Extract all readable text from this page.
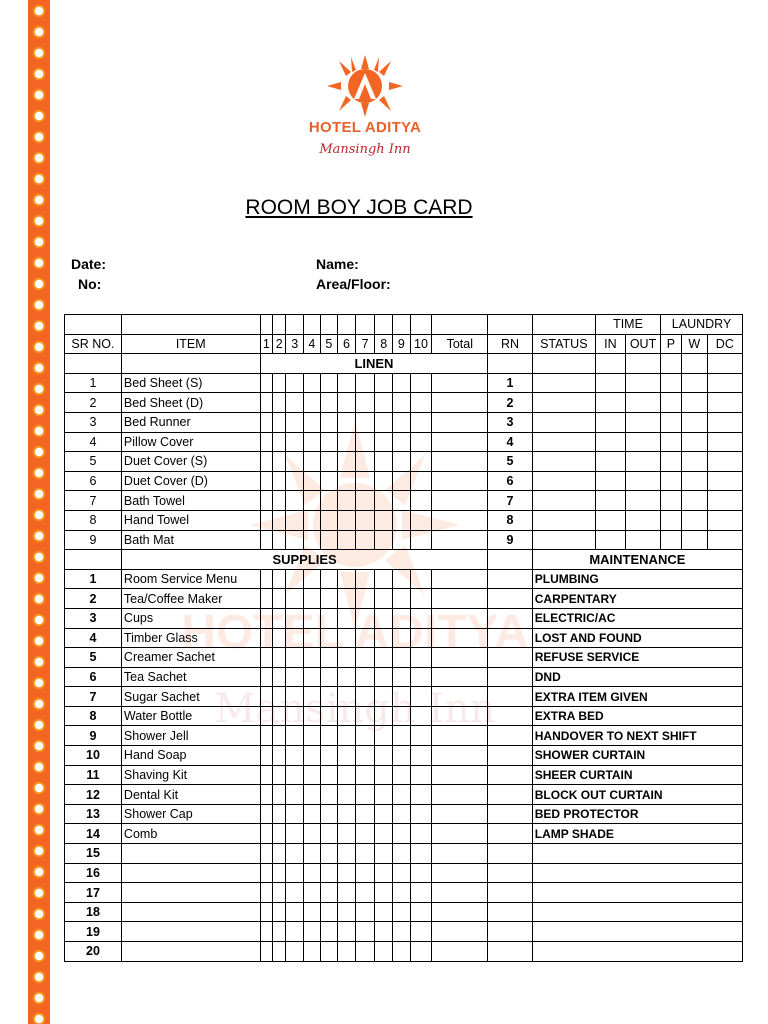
HOTEL ADITYA
Mansingh Inn
HOTEL ADITYA
Mansingh Inn
ROOM BOY JOB CARD
Date:
No:
Name:
Area/Floor:
															TIME		LAUNDRY		
SR NO.	ITEM	1	2	3	4	5	6	7	8	9	10	Total	RN	STATUS	IN	OUT	P	W	DC
		LINEN																	
1	Bed Sheet (S)												1						
2	Bed Sheet (D)												2						
3	Bed Runner												3						
4	Pillow Cover												4						
5	Duet Cover (S)												5						
6	Duet Cover (D)												6						
7	Bath Towel												7						
8	Hand Towel												8						
9	Bath Mat												9						
	SUPPLIES													MAINTENANCE					
1	Room Service Menu													PLUMBING					
2	Tea/Coffee Maker													CARPENTARY					
3	Cups													ELECTRIC/AC					
4	Timber Glass													LOST AND FOUND					
5	Creamer Sachet													REFUSE SERVICE					
6	Tea Sachet													DND					
7	Sugar Sachet													EXTRA ITEM GIVEN					
8	Water Bottle													EXTRA BED					
9	Shower Jell													HANDOVER TO NEXT SHIFT					
10	Hand Soap													SHOWER CURTAIN					
11	Shaving Kit													SHEER CURTAIN					
12	Dental Kit													BLOCK OUT CURTAIN					
13	Shower Cap													BED PROTECTOR					
14	Comb													LAMP SHADE					
15																			
16																			
17																			
18																			
19																			
20																			
